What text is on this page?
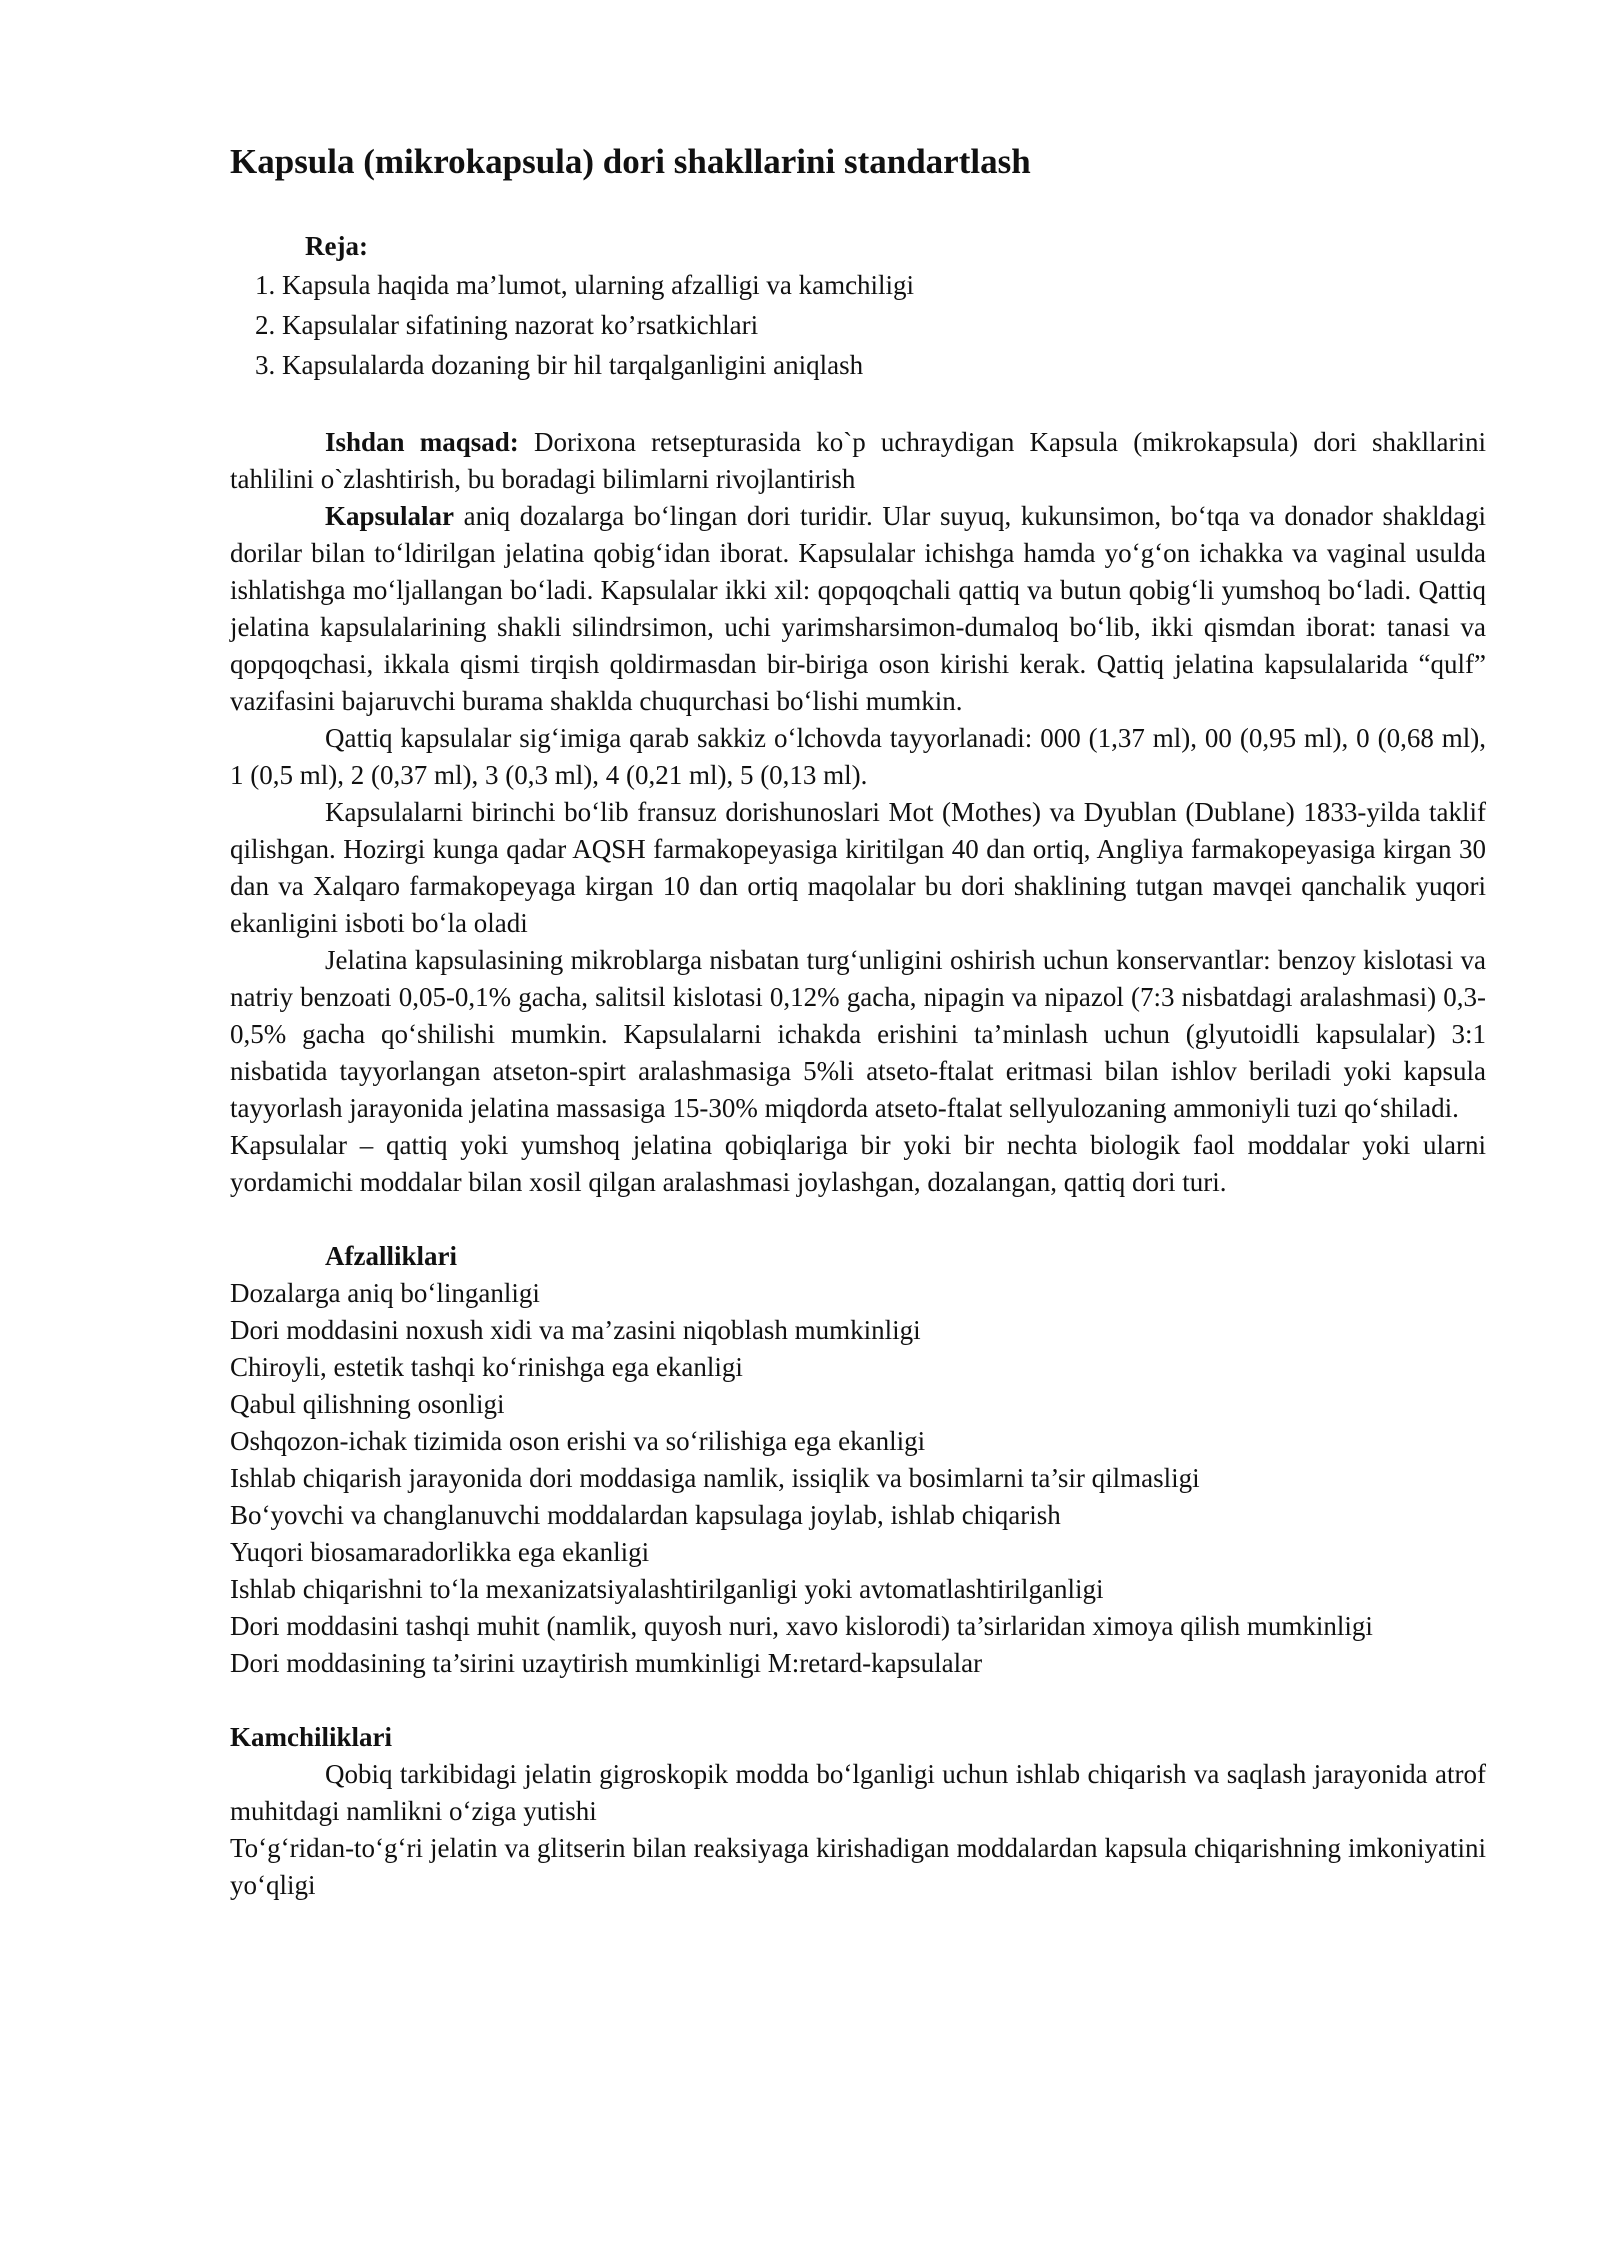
Kapsula (mikrokapsula) dori shakllarini standartlash
Reja:
1. Kapsula haqida ma’lumot, ularning afzalligi va kamchiligi
2. Kapsulalar sifatining nazorat ko’rsatkichlari
3. Kapsulalarda dozaning bir hil tarqalganligini aniqlash

Ishdan maqsad: Dorixona retsepturasida ko`p uchraydigan Kapsula (mikrokapsula) dori shakllarini tahlilini o`zlashtirish, bu boradagi bilimlarni rivojlantirish

Kapsulalar aniq dozalarga bo‘lingan dori turidir. Ular suyuq, kukunsimon, bo‘tqa va donador shakldagi dorilar bilan to‘ldirilgan jelatina qobig‘idan iborat. Kapsulalar ichishga hamda yo‘g‘on ichakka va vaginal usulda ishlatishga mo‘ljallangan bo‘ladi. Kapsulalar ikki xil: qopqoqchali qattiq va butun qobig‘li yumshoq bo‘ladi. Qattiq jelatina kapsulalarining shakli silindrsimon, uchi yarimsharsimon-dumaloq bo‘lib, ikki qismdan iborat: tanasi va qopqoqchasi, ikkala qismi tirqish qoldirmasdan bir-biriga oson kirishi kerak. Qattiq jelatina kapsulalarida “qulf” vazifasini bajaruvchi burama shaklda chuqurchasi bo‘lishi mumkin.

Qattiq kapsulalar sig‘imiga qarab sakkiz o‘lchovda tayyorlanadi: 000 (1,37 ml), 00 (0,95 ml), 0 (0,68 ml), 1 (0,5 ml), 2 (0,37 ml), 3 (0,3 ml), 4 (0,21 ml), 5 (0,13 ml).

Kapsulalarni birinchi bo‘lib fransuz dorishunoslari Mot (Mothes) va Dyublan (Dublane) 1833-yilda taklif qilishgan. Hozirgi kunga qadar AQSH farmakopeyasiga kiritilgan 40 dan ortiq, Angliya farmakopeyasiga kirgan 30 dan va Xalqaro farmakopeyaga kirgan 10 dan ortiq maqolalar bu dori shaklining tutgan mavqei qanchalik yuqori ekanligini isboti bo‘la oladi

Jelatina kapsulasining mikroblarga nisbatan turg‘unligini oshirish uchun konservantlar: benzoy kislotasi va natriy benzoati 0,05-0,1% gacha, salitsil kislotasi 0,12% gacha, nipagin va nipazol (7:3 nisbatdagi aralashmasi) 0,3-0,5% gacha qo‘shilishi mumkin. Kapsulalarni ichakda erishini ta’minlash uchun (glyutoidli kapsulalar) 3:1 nisbatida tayyorlangan atseton-spirt aralashmasiga 5%li atseto-ftalat eritmasi bilan ishlov beriladi yoki kapsula tayyorlash jarayonida jelatina massasiga 15-30% miqdorda atseto-ftalat sellyulozaning ammoniyli tuzi qo‘shiladi.

Kapsulalar – qattiq yoki yumshoq jelatina qobiqlariga bir yoki bir nechta biologik faol moddalar yoki ularni yordamichi moddalar bilan xosil qilgan aralashmasi joylashgan, dozalangan, qattiq dori turi.

Afzalliklari
Dozalarga aniq bo‘linganligi
Dori moddasini noxush xidi va ma’zasini niqoblash mumkinligi
Chiroyli, estetik tashqi ko‘rinishga ega ekanligi
Qabul qilishning osonligi
Oshqozon-ichak tizimida oson erishi va so‘rilishiga ega ekanligi
Ishlab chiqarish jarayonida dori moddasiga namlik, issiqlik va bosimlarni ta’sir qilmasligi
Bo‘yovchi va changlanuvchi moddalardan kapsulaga joylab, ishlab chiqarish
Yuqori biosamaradorlikka ega ekanligi
Ishlab chiqarishni to‘la mexanizatsiyalashtirilganligi yoki avtomatlashtirilganligi
Dori moddasini tashqi muhit (namlik, quyosh nuri, xavo kislorodi) ta’sirlaridan ximoya qilish mumkinligi
Dori moddasining ta’sirini uzaytirish mumkinligi M:retard-kapsulalar
Kamchiliklari

Qobiq tarkibidagi jelatin gigroskopik modda bo‘lganligi uchun ishlab chiqarish va saqlash jarayonida atrof muhitdagi namlikni o‘ziga yutishi

To‘g‘ridan-to‘g‘ri jelatin va glitserin bilan reaksiyaga kirishadigan moddalardan kapsula chiqarishning imkoniyatini yo‘qligi
